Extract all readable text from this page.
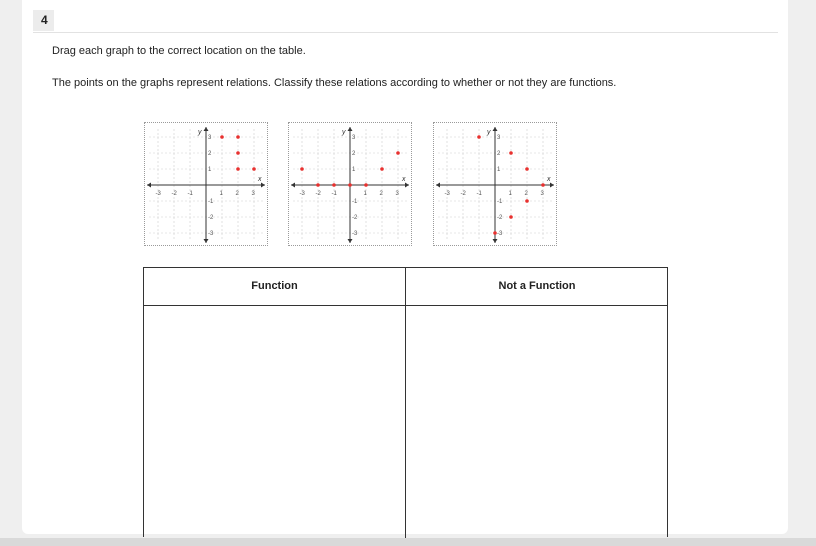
4
Drag each graph to the correct location on the table.
The points on the graphs represent relations. Classify these relations according to whether or not they are functions.
x
y
-3 -2 -1	1 2 3
3
2
1
-1
-2
-3
x
y
-3 -2 -1	1 2 3
3
2
1
-1
-2
-3
x
y
-3 -2 -1	1 2 3
3
2
1
-1
-2
-3
Function	Not a Function
